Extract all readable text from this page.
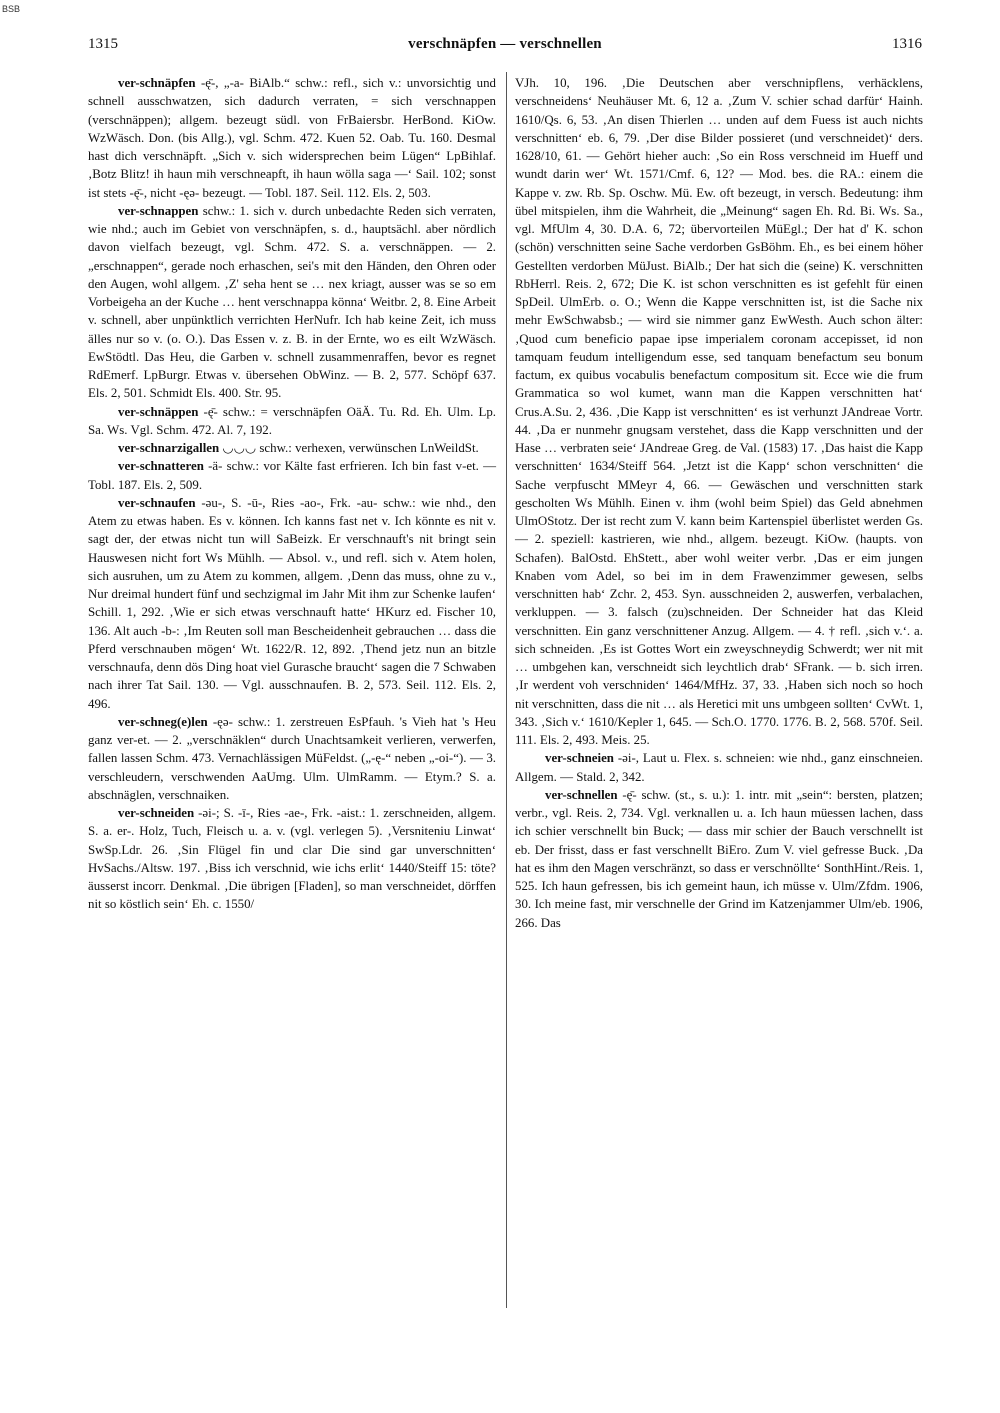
BSB
1315	verschnäpfen — verschnellen	1316

ver-schnäpfen -ę̄-, „-a- BiAlb.“ schw.: refl., sich v.: unvorsichtig und schnell ausschwatzen, sich dadurch verraten, = sich verschnappen (verschnäppen); allgem. bezeugt südl. von FrBaiersbr. HerBond. KiOw. WzWäsch. Don. (bis Allg.), vgl. Schm. 472. Kuen 52. Oab. Tu. 160. Desmal hast dich verschnäpft. „Sich v. sich widersprechen beim Lügen“ LpBihlaf. ‚Botz Blitz! ih haun mih verschneapft, ih haun wölla saga —‘ Sail. 102; sonst ist stets -ę̄-, nicht -ęə- bezeugt. — Tobl. 187. Seil. 112. Els. 2, 503.

ver-schnappen schw.: 1. sich v. durch unbedachte Reden sich verraten, wie nhd.; auch im Gebiet von verschnäpfen, s. d., hauptsächl. aber nördlich davon vielfach bezeugt, vgl. Schm. 472. S. a. verschnäppen. — 2. „erschnappen“, gerade noch erhaschen, sei's mit den Händen, den Ohren oder den Augen, wohl allgem. ‚Z' seha hent se … nex kriagt, ausser was se so em Vorbeigeha an der Kuche … hent verschnappa könna‘ Weitbr. 2, 8. Eine Arbeit v. schnell, aber unpünktlich verrichten HerNufr. Ich hab keine Zeit, ich muss älles nur so v. (o. O.). Das Essen v. z. B. in der Ernte, wo es eilt WzWäsch. EwStödtl. Das Heu, die Garben v. schnell zusammenraffen, bevor es regnet RdEmerf. LpBurgr. Etwas v. übersehen ObWinz. — B. 2, 577. Schöpf 637. Els. 2, 501. Schmidt Els. 400. Str. 95.

ver-schnäppen -ę̄- schw.: = verschnäpfen OäÄ. Tu. Rd. Eh. Ulm. Lp. Sa. Ws. Vgl. Schm. 472. Al. 7, 192.

ver-schnarzigallen ◡◡◡ schw.: verhexen, verwünschen LnWeildSt.

ver-schnatteren -ä- schw.: vor Kälte fast erfrieren. Ich bin fast v-et. — Tobl. 187. Els. 2, 509.

ver-schnaufen -əu-, S. -ū-, Ries -ao-, Frk. -au- schw.: wie nhd., den Atem zu etwas haben. Es v. können. Ich kanns fast net v. Ich könnte es nit v. sagt der, der etwas nicht tun will SaBeizk. Er verschnauft's nit bringt sein Hauswesen nicht fort Ws Mühlh. — Absol. v., und refl. sich v. Atem holen, sich ausruhen, um zu Atem zu kommen, allgem. ‚Denn das muss, ohne zu v., Nur dreimal hundert fünf und sechzigmal im Jahr Mit ihm zur Schenke laufen‘ Schill. 1, 292. ‚Wie er sich etwas verschnauft hatte‘ HKurz ed. Fischer 10, 136. Alt auch -b-: ‚Im Reuten soll man Bescheidenheit gebrauchen … dass die Pferd verschnauben mögen‘ Wt. 1622/R. 12, 892. ‚Thend jetz nun an bitzle verschnaufa, denn dös Ding hoat viel Gurasche braucht‘ sagen die 7 Schwaben nach ihrer Tat Sail. 130. — Vgl. ausschnaufen. B. 2, 573. Seil. 112. Els. 2, 496.

ver-schneg(e)len -ęə- schw.: 1. zerstreuen EsPfauh. 's Vieh hat 's Heu ganz ver-et. — 2. „verschnäklen“ durch Unachtsamkeit verlieren, verwerfen, fallen lassen Schm. 473. Vernachlässigen MüFeldst. („-ę-“ neben „-oi-“). — 3. verschleudern, verschwenden AaUmg. Ulm. UlmRamm. — Etym.? S. a. abschnäglen, verschnaiken.

ver-schneiden -əi-; S. -ī-, Ries -ae-, Frk. -aist.: 1. zerschneiden, allgem. S. a. er-. Holz, Tuch, Fleisch u. a. v. (vgl. verlegen 5). ‚Versniteniu Linwat‘ SwSp.Ldr. 26. ‚Sin Flügel fin und clar Die sind gar unverschnitten‘ HvSachs./Altsw. 197. ‚Biss ich verschnid, wie ichs erlit‘ 1440/Steiff 15: töte? äusserst incorr. Denkmal. ‚Die übrigen [Fladen], so man verschneidet, dörffen nit so köstlich sein‘ Eh. c. 1550/

VJh. 10, 196. ‚Die Deutschen aber verschnipflens, verhäcklens, verschneidens‘ Neuhäuser Mt. 6, 12 a. ‚Zum V. schier schad darfür‘ Hainh. 1610/Qs. 6, 53. ‚An disen Thierlen … unden auf dem Fuess ist auch nichts verschnitten‘ eb. 6, 79. ‚Der dise Bilder possieret (und verschneidet)‘ ders. 1628/10, 61. — Gehört hieher auch: ‚So ein Ross verschneid im Hueff und wundt darin wer‘ Wt. 1571/Cmf. 6, 12? — Mod. bes. die RA.: einem die Kappe v. zw. Rb. Sp. Oschw. Mü. Ew. oft bezeugt, in versch. Bedeutung: ihm übel mitspielen, ihm die Wahrheit, die „Meinung“ sagen Eh. Rd. Bi. Ws. Sa., vgl. MfUlm 4, 30. D.A. 6, 72; übervorteilen MüEgl.; Der hat d' K. schon (schön) verschnitten seine Sache verdorben GsBöhm. Eh., es bei einem höher Gestellten verdorben MüJust. BiAlb.; Der hat sich die (seine) K. verschnitten RbHerrl. Reis. 2, 672; Die K. ist schon verschnitten es ist gefehlt für einen SpDeil. UlmErb. o. O.; Wenn die Kappe verschnitten ist, ist die Sache nix mehr EwSchwabsb.; — wird sie nimmer ganz EwWesth. Auch schon älter: ‚Quod cum beneficio papae ipse imperialem coronam accepisset, id non tamquam feudum intelligendum esse, sed tanquam benefactum seu bonum factum, ex quibus vocabulis benefactum compositum sit. Ecce wie die frum Grammatica so wol kumet, wann man die Kappen verschnitten hat‘ Crus.A.Su. 2, 436. ‚Die Kapp ist verschnitten‘ es ist verhunzt JAndreae Vortr. 44. ‚Da er nunmehr gnugsam verstehet, dass die Kapp verschnitten und der Hase … verbraten seie‘ JAndreae Greg. de Val. (1583) 17. ‚Das haist die Kapp verschnitten‘ 1634/Steiff 564. ‚Jetzt ist die Kapp‘ schon verschnitten‘ die Sache verpfuscht MMeyr 4, 66. — Gewäschen und verschnitten stark gescholten Ws Mühlh. Einen v. ihm (wohl beim Spiel) das Geld abnehmen UlmOStotz. Der ist recht zum V. kann beim Kartenspiel überlistet werden Gs. — 2. speziell: kastrieren, wie nhd., allgem. bezeugt. KiOw. (haupts. von Schafen). BalOstd. EhStett., aber wohl weiter verbr. ‚Das er eim jungen Knaben vom Adel, so bei im in dem Frawenzimmer gewesen, selbs verschnitten hab‘ Zchr. 2, 453. Syn. ausschneiden 2, auswerfen, verbalachen, verkluppen. — 3. falsch (zu)schneiden. Der Schneider hat das Kleid verschnitten. Ein ganz verschnittener Anzug. Allgem. — 4. † refl. ‚sich v.‘. a. sich schneiden. ‚Es ist Gottes Wort ein zweyschneydig Schwerdt; wer nit mit … umbgehen kan, verschneidt sich leychtlich drab‘ SFrank. — b. sich irren. ‚Ir werdent voh verschniden‘ 1464/MfHz. 37, 33. ‚Haben sich noch so hoch nit verschnitten, dass die nit … als Heretici mit uns umbgeen sollten‘ CvWt. 1, 343. ‚Sich v.‘ 1610/Kepler 1, 645. — Sch.O. 1770. 1776. B. 2, 568. 570f. Seil. 111. Els. 2, 493. Meis. 25.

ver-schneien -əi-, Laut u. Flex. s. schneien: wie nhd., ganz einschneien. Allgem. — Stald. 2, 342.

ver-schnellen -ę̄- schw. (st., s. u.): 1. intr. mit „sein“: bersten, platzen; verbr., vgl. Reis. 2, 734. Vgl. verknallen u. a. Ich haun müessen lachen, dass ich schier verschnellt bin Buck; — dass mir schier der Bauch verschnellt ist eb. Der frisst, dass er fast verschnellt BiEro. Zum V. viel gefresse Buck. ‚Da hat es ihm den Magen verschränzt, so dass er verschnöllte‘ SonthHint./Reis. 1, 525. Ich haun gefressen, bis ich gemeint haun, ich müsse v. Ulm/Zfdm. 1906, 30. Ich meine fast, mir verschnelle der Grind im Katzenjammer Ulm/eb. 1906, 266. Das
